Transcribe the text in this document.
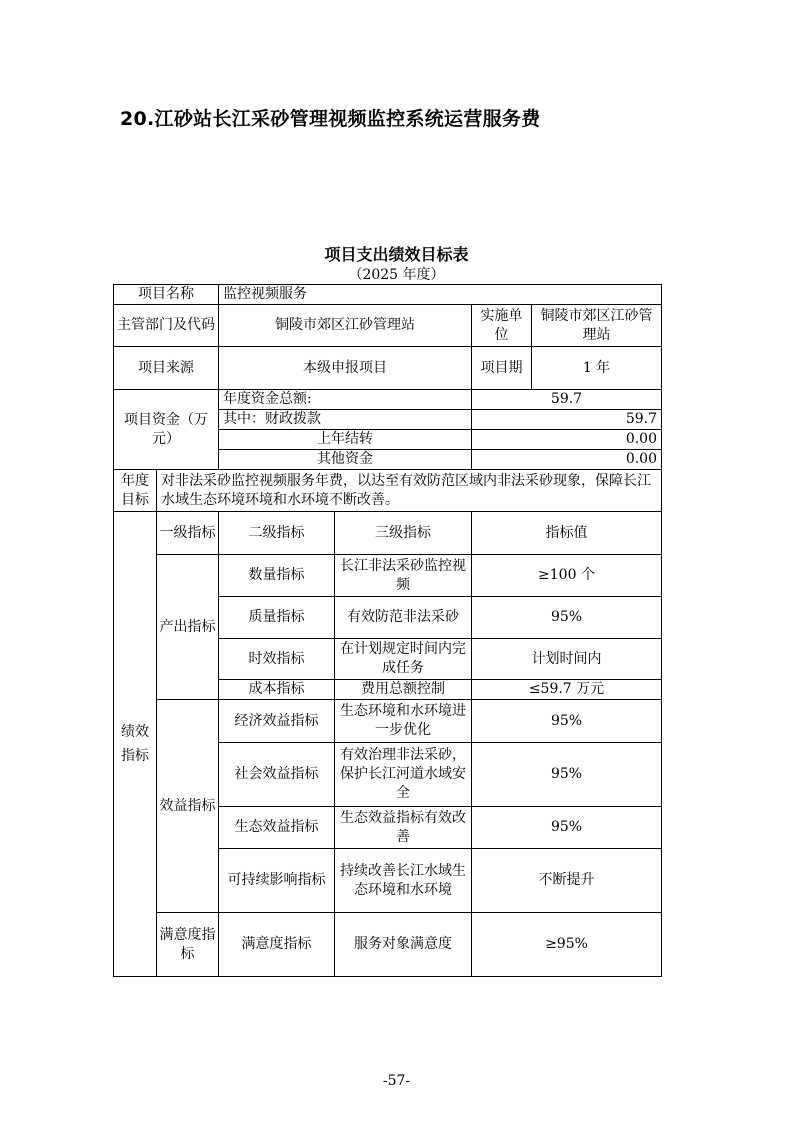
20.江砂站长江采砂管理视频监控系统运营服务费
项目支出绩效目标表
（2025 年度）
项目名称		监控视频服务			
主管部门及代码		铜陵市郊区江砂管理站		实施单位	铜陵市郊区江砂管理站
项目来源		本级申报项目		项目期	1 年
项目资金（万元）		年度资金总额:		59.7	
		其中：财政拨款		59.7	
		上年结转		0.00	
		其他资金		0.00	
年度目标	对非法采砂监控视频服务年费，以达至有效防范区域内非法采砂现象，保障长江水域生态环境环境和水环境不断改善。				
绩效指标	一级指标	二级指标	三级指标	指标值	
	产出指标	数量指标	长江非法采砂监控视频	≥100 个	
		质量指标	有效防范非法采砂	95%	
		时效指标	在计划规定时间内完成任务	计划时间内	
		成本指标	费用总额控制	≤59.7 万元	
	效益指标	经济效益指标	生态环境和水环境进一步优化	95%	
		社会效益指标	有效治理非法采砂，保护长江河道水域安全	95%	
		生态效益指标	生态效益指标有效改善	95%	
		可持续影响指标	持续改善长江水域生态环境和水环境	不断提升	
	满意度指标	满意度指标	服务对象满意度	≥95%	
-57-
